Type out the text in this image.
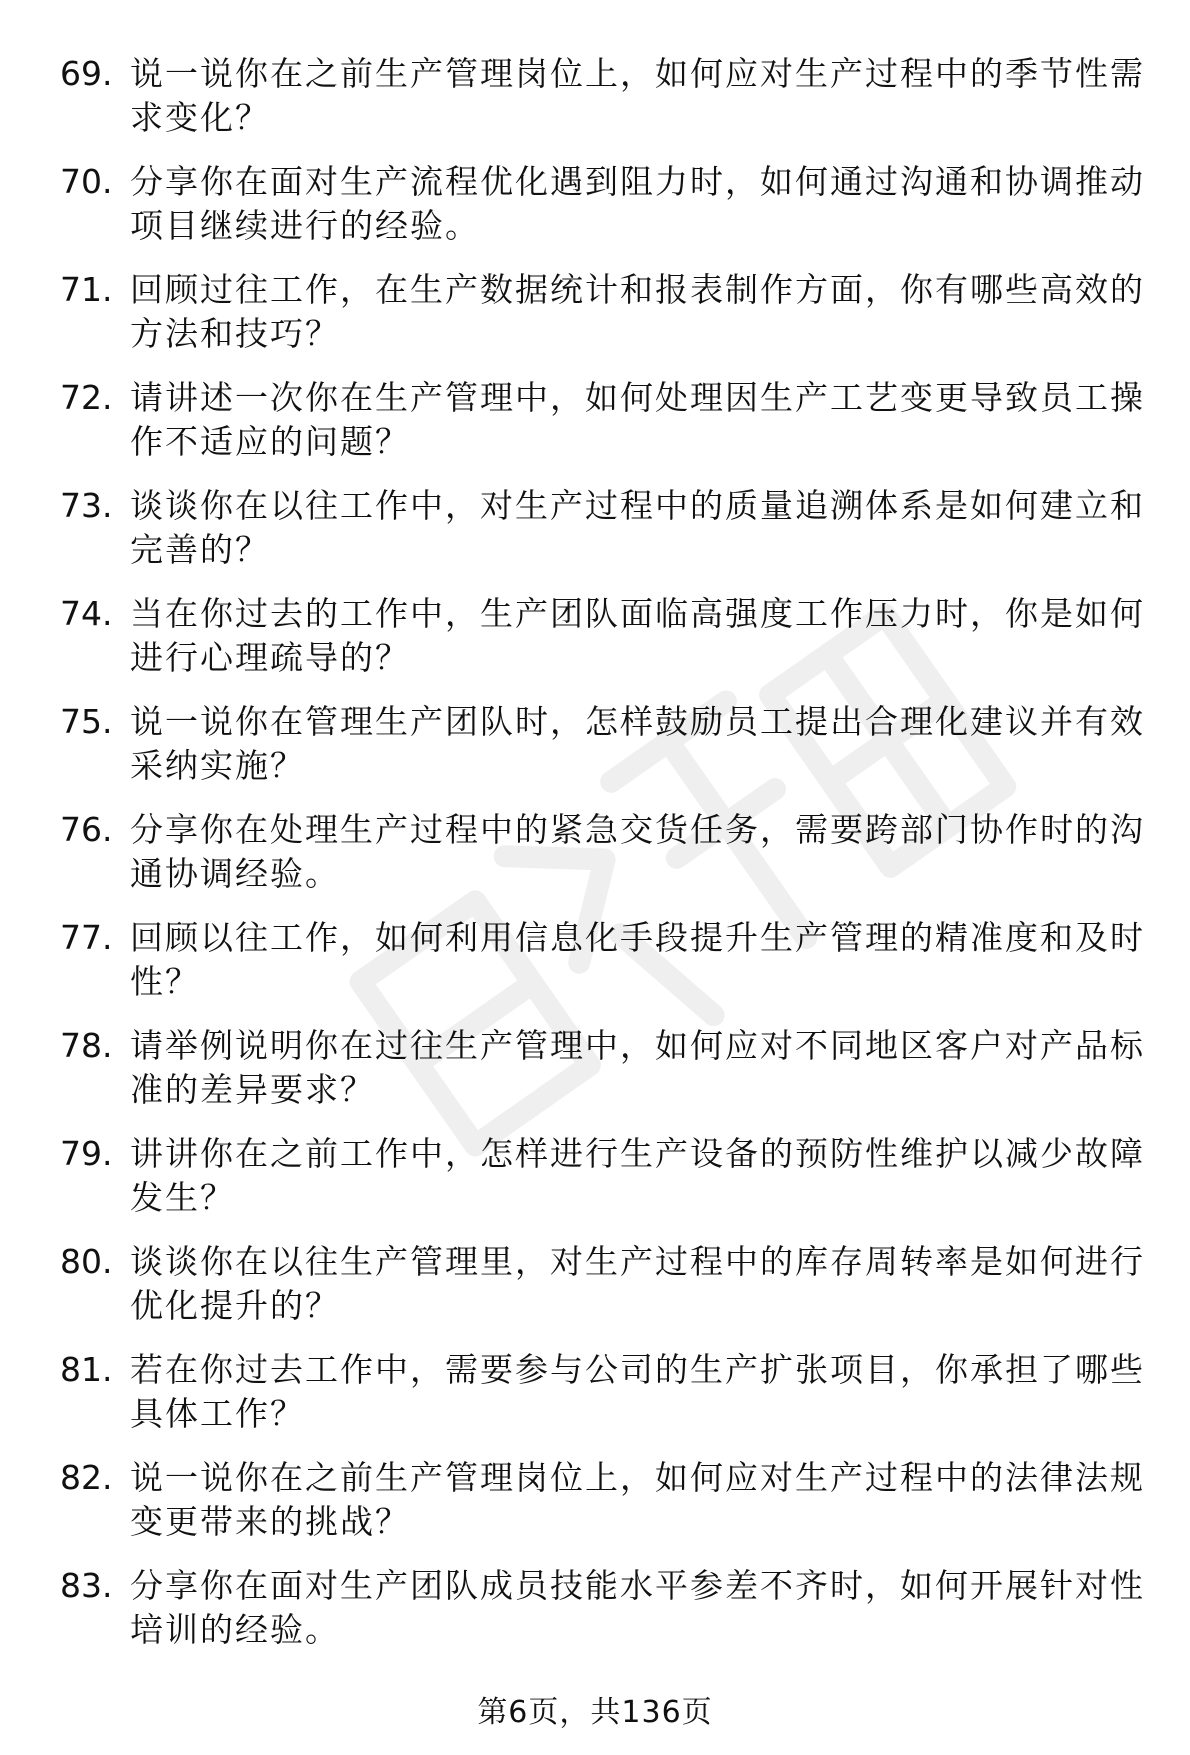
69. 说一说你在之前生产管理岗位上，如何应对生产过程中的季节性需求变化？
70. 分享你在面对生产流程优化遇到阻力时，如何通过沟通和协调推动项目继续进行的经验。
71. 回顾过往工作，在生产数据统计和报表制作方面，你有哪些高效的方法和技巧？
72. 请讲述一次你在生产管理中，如何处理因生产工艺变更导致员工操作不适应的问题？
73. 谈谈你在以往工作中，对生产过程中的质量追溯体系是如何建立和完善的？
74. 当在你过去的工作中，生产团队面临高强度工作压力时，你是如何进行心理疏导的？
75. 说一说你在管理生产团队时，怎样鼓励员工提出合理化建议并有效采纳实施？
76. 分享你在处理生产过程中的紧急交货任务，需要跨部门协作时的沟通协调经验。
77. 回顾以往工作，如何利用信息化手段提升生产管理的精准度和及时性？
78. 请举例说明你在过往生产管理中，如何应对不同地区客户对产品标准的差异要求？
79. 讲讲你在之前工作中，怎样进行生产设备的预防性维护以减少故障发生？
80. 谈谈你在以往生产管理里，对生产过程中的库存周转率是如何进行优化提升的？
81. 若在你过去工作中，需要参与公司的生产扩张项目，你承担了哪些具体工作？
82. 说一说你在之前生产管理岗位上，如何应对生产过程中的法律法规变更带来的挑战？
83. 分享你在面对生产团队成员技能水平参差不齐时，如何开展针对性培训的经验。
第6页，共136页
